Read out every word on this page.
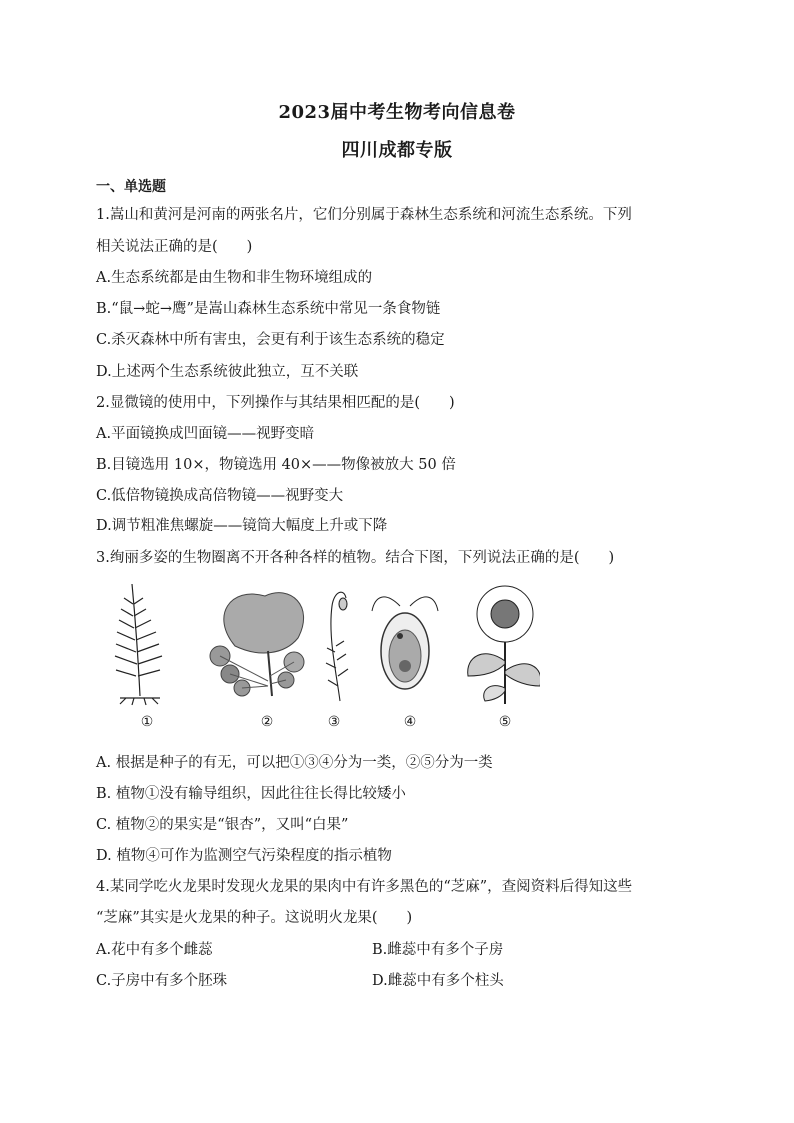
2023届中考生物考向信息卷
四川成都专版
一、单选题
1.嵩山和黄河是河南的两张名片，它们分别属于森林生态系统和河流生态系统。下列
相关说法正确的是(　　)
A.生态系统都是由生物和非生物环境组成的
B.“鼠→蛇→鹰”是嵩山森林生态系统中常见一条食物链
C.杀灭森林中所有害虫，会更有利于该生态系统的稳定
D.上述两个生态系统彼此独立，互不关联
2.显微镜的使用中，下列操作与其结果相匹配的是(　　)
A.平面镜换成凹面镜——视野变暗
B.目镜选用 10×，物镜选用 40×——物像被放大 50 倍
C.低倍物镜换成高倍物镜——视野变大
D.调节粗准焦螺旋——镜筒大幅度上升或下降
3.绚丽多姿的生物圈离不开各种各样的植物。结合下图，下列说法正确的是(　　)
①	②	③	④	⑤
A. 根据是种子的有无，可以把①③④分为一类，②⑤分为一类
B. 植物①没有输导组织，因此往往长得比较矮小
C. 植物②的果实是“银杏”，又叫“白果”
D. 植物④可作为监测空气污染程度的指示植物
4.某同学吃火龙果时发现火龙果的果肉中有许多黑色的“芝麻”，查阅资料后得知这些
“芝麻”其实是火龙果的种子。这说明火龙果(　　)
A.花中有多个雌蕊	B.雌蕊中有多个子房
C.子房中有多个胚珠	D.雌蕊中有多个柱头
